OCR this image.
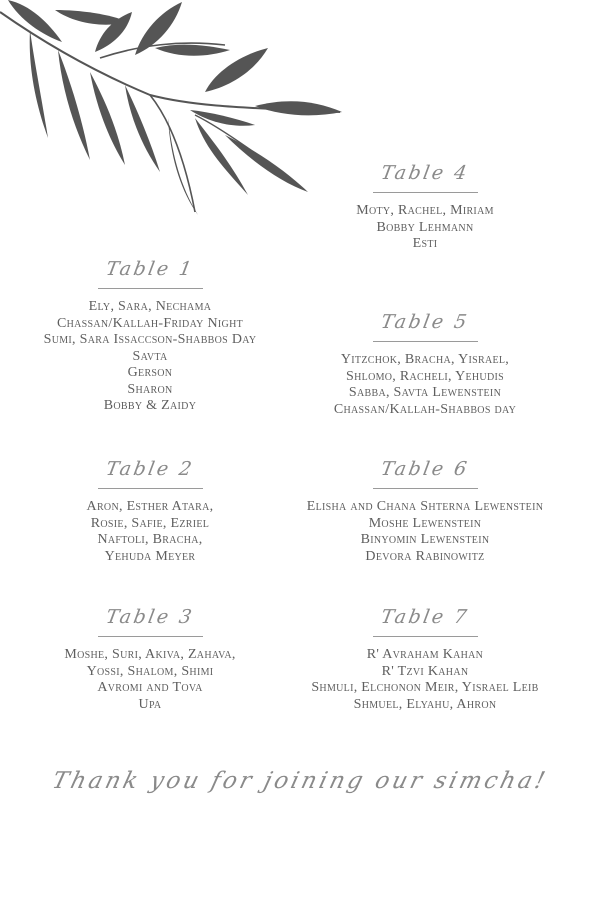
Table 1
Ely, Sara, Nechama
Chassan/Kallah-Friday Night
Sumi, Sara Issaccson-Shabbos Day
Savta
Gerson
Sharon
Bobby & Zaidy
Table 2
Aron, Esther Atara,
Rosie, Safie, Ezriel
Naftoli, Bracha,
Yehuda Meyer
Table 3
Moshe, Suri, Akiva, Zahava,
Yossi, Shalom, Shimi
Avromi and Tova
Upa
Table 4
Moty, Rachel, Miriam
Bobby Lehmann
Esti
Table 5
Yitzchok, Bracha, Yisrael,
Shlomo, Racheli, Yehudis
Sabba, Savta Lewenstein
Chassan/Kallah-Shabbos day
Table 6
Elisha and Chana Shterna Lewenstein
Moshe Lewenstein
Binyomin Lewenstein
Devora Rabinowitz
Table 7
R' Avraham Kahan
R' Tzvi Kahan
Shmuli, Elchonon Meir, Yisrael Leib
Shmuel, Elyahu, Ahron
Thank you for joining our simcha!
